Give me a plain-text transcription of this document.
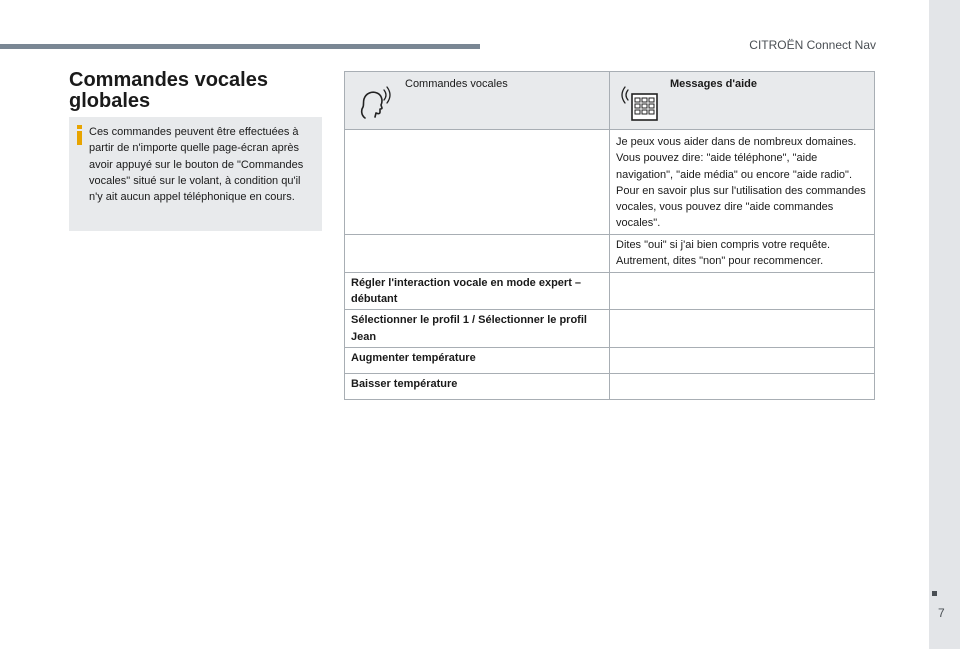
CITROËN Connect Nav
7
Commandes vocales globales
Ces commandes peuvent être effectuées à partir de n'importe quelle page-écran après avoir appuyé sur le bouton de "Commandes vocales" situé sur le volant, à condition qu'il n'y ait aucun appel téléphonique en cours.
Commandes vocales	Messages d'aide

	Je peux vous aider dans de nombreux domaines. Vous pouvez dire: "aide téléphone", "aide navigation", "aide média" ou encore "aide radio". Pour en savoir plus sur l'utilisation des commandes vocales, vous pouvez dire "aide commandes vocales".
	Dites "oui" si j'ai bien compris votre requête. Autrement, dites "non" pour recommencer.
Régler l'interaction vocale en mode expert – débutant	
Sélectionner le profil 1 / Sélectionner le profil Jean	
Augmenter température	
Baisser température	
